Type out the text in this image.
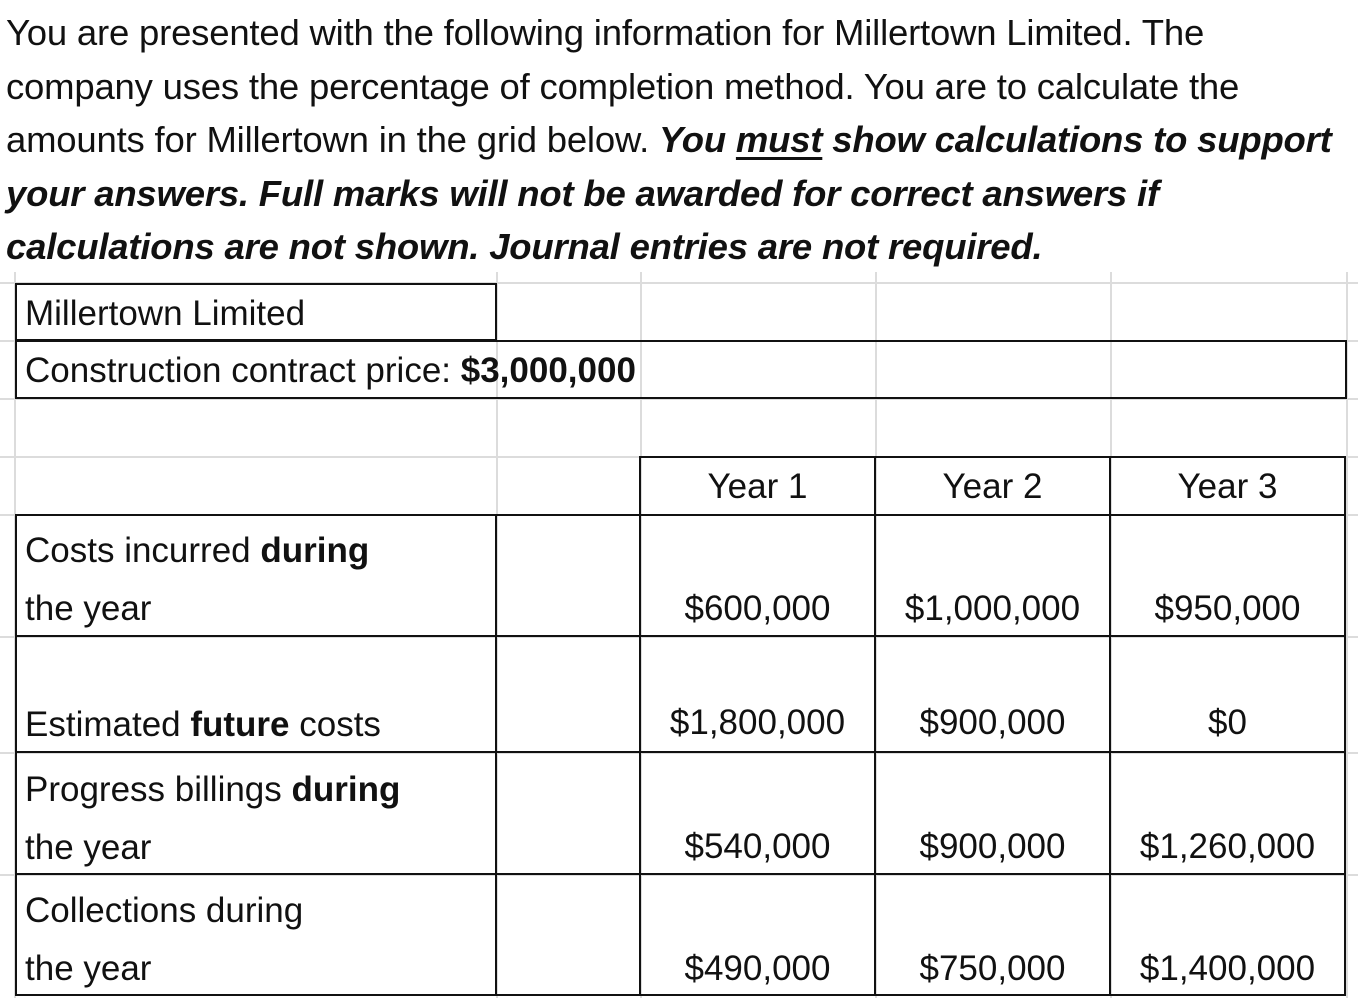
You are presented with the following information for Millertown Limited. The company uses the percentage of completion method. You are to calculate the amounts for Millertown in the grid below. You must show calculations to support your answers. Full marks will not be awarded for correct answers if calculations are not shown. Journal entries are not required.
Millertown Limited
Construction contract price: $3,000,000
Year 1	Year 2	Year 3
Costs incurred during
the year	$600,000	$1,000,000	$950,000
Estimated future costs	$1,800,000	$900,000	$0
Progress billings during
the year	$540,000	$900,000	$1,260,000
Collections during
the year	$490,000	$750,000	$1,400,000
